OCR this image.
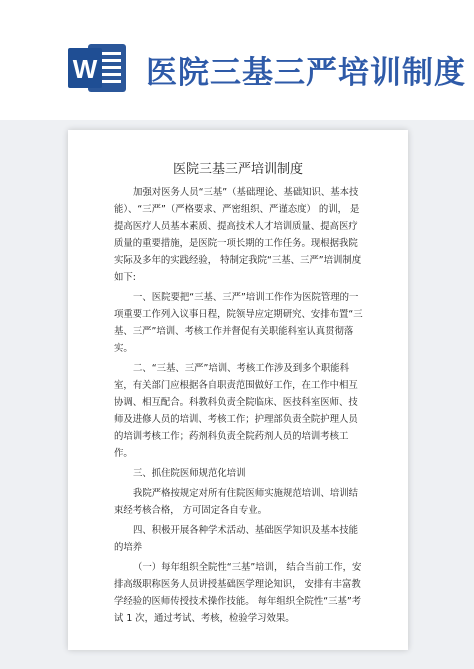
W 医院三基三严培训制度
医院三基三严培训制度

加强对医务人员“三基”（基础理论、基础知识、基本技能）、“三严”（严格要求、严密组织、严谨态度） 的训， 是提高医疗人员基本素质、提高技术人才培训质量、提高医疗质量的重要措施，是医院一项长期的工作任务。现根据我院实际及多年的实践经验， 特制定我院“三基、三严”培训制度如下:

一、医院要把“三基、三严”培训工作作为医院管理的一项重要工作列入议事日程，院领导应定期研究、安排布置“三基、三严”培训、考核工作并督促有关职能科室认真贯彻落实。

二、“三基、三严”培训、考核工作涉及到多个职能科室，有关部门应根据各自职责范围做好工作，在工作中相互协调、相互配合。科教科负责全院临床、医技科室医师、技师及进修人员的培训、考核工作；护理部负责全院护理人员的培训考核工作；药剂科负责全院药剂人员的培训考核工作。

三、抓住院医师规范化培训

我院严格按规定对所有住院医师实施规范培训、培训结束经考核合格， 方可固定各自专业。

四、积极开展各种学术活动、基础医学知识及基本技能的培养

（一）每年组织全院性“三基”培训， 结合当前工作，安排高级职称医务人员讲授基础医学理论知识， 安排有丰富教学经验的医师传授技术操作技能。 每年组织全院性“三基”考试 1 次，通过考试、考核，检验学习效果。
